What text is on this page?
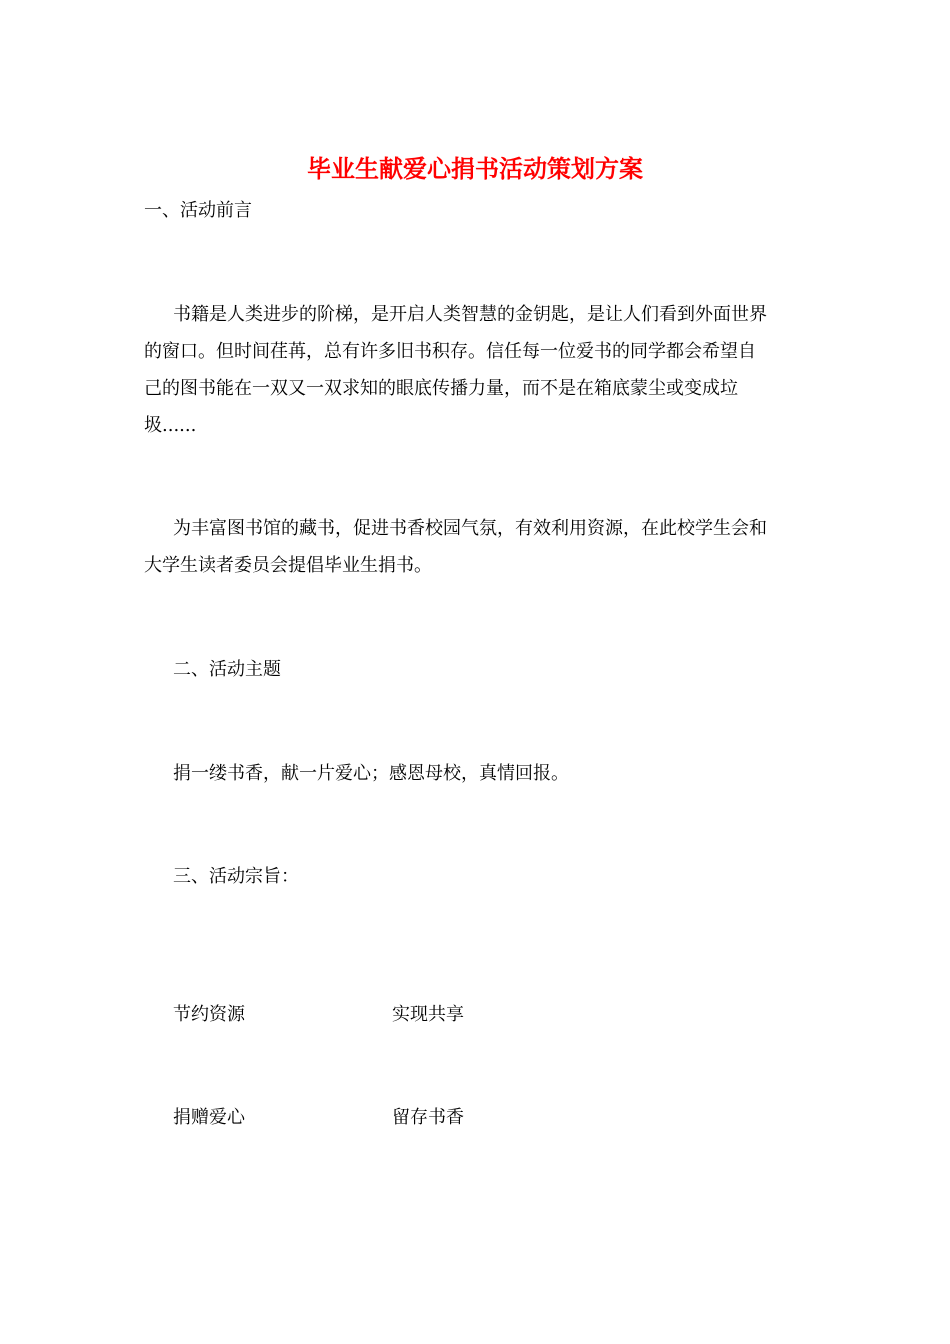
毕业生献爱心捐书活动策划方案
一、活动前言
书籍是人类进步的阶梯，是开启人类智慧的金钥匙，是让人们看到外面世界
的窗口。但时间荏苒，总有许多旧书积存。信任每一位爱书的同学都会希望自
己的图书能在一双又一双求知的眼底传播力量，而不是在箱底蒙尘或变成垃
圾......
为丰富图书馆的藏书，促进书香校园气氛，有效利用资源，在此校学生会和
大学生读者委员会提倡毕业生捐书。
二、活动主题
捐一缕书香，献一片爱心；感恩母校，真情回报。
三、活动宗旨：
节约资源	实现共享
捐赠爱心	留存书香
